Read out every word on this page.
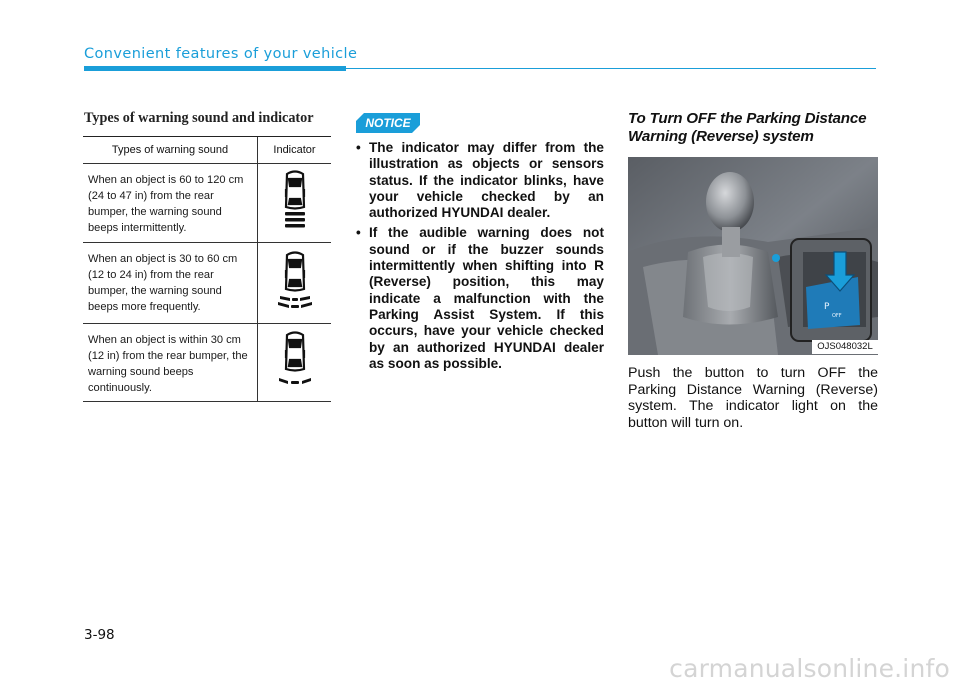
Convenient features of your vehicle
Types of warning sound and indicator
Types of warning sound	Indicator

When an object is 60 to 120 cm (24 to 47 in) from the rear bumper, the warning sound beeps intermittently.

When an object is 30 to 60 cm (12 to 24 in) from the rear bumper, the warning sound beeps more frequently.

When an object is within 30 cm (12 in) from the rear bumper, the warning sound beeps continuously.

NOTICE
• The indicator may differ from the illustration as objects or sensors status. If the indicator blinks, have your vehicle checked by an authorized HYUNDAI dealer.
• If the audible warning does not sound or if the buzzer sounds intermittently when shifting into R (Reverse) position, this may indicate a malfunction with the Parking Assist System. If this occurs, have your vehicle checked by an authorized HYUNDAI dealer as soon as possible.
To Turn OFF the Parking Distance Warning (Reverse) system
P
OFF
OJS048032L
Push the button to turn OFF the Parking Distance Warning (Reverse) system. The indicator light on the button will turn on.
3-98
carmanualsonline.info
